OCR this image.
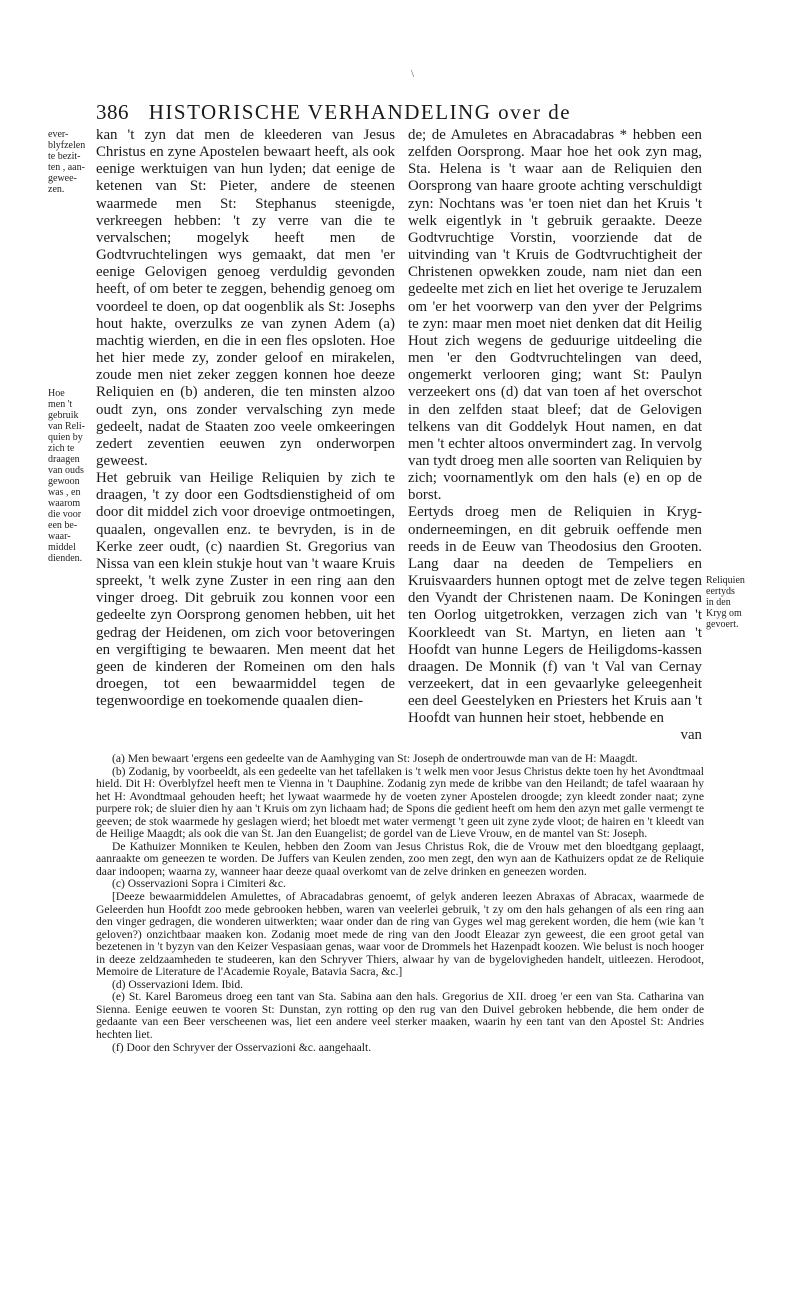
\
386 HISTORISCHE VERHANDELING over de
ever-
blyfzelen
te bezit-
ten , aan-
gewee-
zen.
Hoe
men 't
gebruik
van Reli-
quien by
zich te
draagen
van ouds
gewoon
was , en
waarom
die voor
een be-
waar-
middel
dienden.
Reliquien
eertyds
in den
Kryg om
gevoert.

kan 't zyn dat men de kleederen van Jesus Christus en zyne Apostelen bewaart heeft, als ook eenige werktuigen van hun lyden; dat eenige de ketenen van St: Pieter, andere de steenen waarmede men St: Stephanus steenigde, verkreegen hebben: 't zy verre van die te vervalschen; mogelyk heeft men de Godtvruchtelingen wys gemaakt, dat men 'er eenige Gelovigen genoeg verduldig gevonden heeft, of om beter te zeggen, behendig genoeg om voordeel te doen, op dat oogenblik als St: Josephs hout hakte, overzulks ze van zynen Adem (a) machtig wierden, en die in een fles opsloten. Hoe het hier mede zy, zonder geloof en mirakelen, zoude men niet zeker zeggen konnen hoe deeze Reliquien en (b) anderen, die ten minsten alzoo oudt zyn, ons zonder vervalsching zyn mede gedeelt, nadat de Staaten zoo veele omkeeringen zedert zeventien eeuwen zyn onderworpen geweest.

Het gebruik van Heilige Reliquien by zich te draagen, 't zy door een Godtsdienstigheid of om door dit middel zich voor droevige ontmoetingen, quaalen, ongevallen enz. te bevryden, is in de Kerke zeer oudt, (c) naardien St. Gregorius van Nissa van een klein stukje hout van 't waare Kruis spreekt, 't welk zyne Zuster in een ring aan den vinger droeg. Dit gebruik zou konnen voor een gedeelte zyn Oorsprong genomen hebben, uit het gedrag der Heidenen, om zich voor betoveringen en vergiftiging te bewaaren. Men meent dat het geen de kinderen der Romeinen om den hals droegen, tot een bewaarmiddel tegen de tegenwoordige en toekomende quaalen dien-

de; de Amuletes en Abracadabras * hebben een zelfden Oorsprong. Maar hoe het ook zyn mag, Sta. Helena is 't waar aan de Reliquien den Oorsprong van haare groote achting verschuldigt zyn: Nochtans was 'er toen niet dan het Kruis 't welk eigentlyk in 't gebruik geraakte. Deeze Godtvruchtige Vorstin, voorziende dat de uitvinding van 't Kruis de Godtvruchtigheit der Christenen opwekken zoude, nam niet dan een gedeelte met zich en liet het overige te Jeruzalem om 'er het voorwerp van den yver der Pelgrims te zyn: maar men moet niet denken dat dit Heilig Hout zich wegens de geduurige uitdeeling die men 'er den Godtvruchtelingen van deed, ongemerkt verlooren ging; want St: Paulyn verzeekert ons (d) dat van toen af het overschot in den zelfden staat bleef; dat de Gelovigen telkens van dit Goddelyk Hout namen, en dat men 't echter altoos onvermindert zag. In vervolg van tydt droeg men alle soorten van Reliquien by zich; voornamentlyk om den hals (e) en op de borst.

Eertyds droeg men de Reliquien in Kryg-onderneemingen, en dit gebruik oeffende men reeds in de Eeuw van Theodosius den Grooten. Lang daar na deeden de Tempeliers en Kruisvaarders hunnen optogt met de zelve tegen den Vyandt der Christenen naam. De Koningen ten Oorlog uitgetrokken, verzagen zich van 't Koorkleedt van St. Martyn, en lieten aan 't Hoofdt van hunne Legers de Heiligdoms-kassen draagen. De Monnik (f) van 't Val van Cernay verzeekert, dat in een gevaarlyke geleegenheit een deel Geestelyken en Priesters het Kruis aan 't Hoofdt van hunnen heir stoet, hebbende en

van

(a) Men bewaart 'ergens een gedeelte van de Aamhyging van St: Joseph de ondertrouwde man van de H: Maagdt.

(b) Zodanig, by voorbeeldt, als een gedeelte van het tafellaken is 't welk men voor Jesus Christus dekte toen hy het Avondtmaal hield. Dit H: Overblyfzel heeft men te Vienna in 't Dauphine. Zodanig zyn mede de kribbe van den Heilandt; de tafel waaraan hy het H: Avondtmaal gehouden heeft; het lywaat waarmede hy de voeten zyner Apostelen droogde; zyn kleedt zonder naat; zyne purpere rok; de sluier dien hy aan 't Kruis om zyn lichaam had; de Spons die gedient heeft om hem den azyn met galle vermengt te geeven; de stok waarmede hy geslagen wierd; het bloedt met water vermengt 't geen uit zyne zyde vloot; de hairen en 't kleedt van de Heilige Maagdt; als ook die van St. Jan den Euangelist; de gordel van de Lieve Vrouw, en de mantel van St: Joseph.

De Kathuizer Monniken te Keulen, hebben den Zoom van Jesus Christus Rok, die de Vrouw met den bloedtgang geplaagt, aanraakte om geneezen te worden. De Juffers van Keulen zenden, zoo men zegt, den wyn aan de Kathuizers opdat ze de Reliquie daar indoopen; waarna zy, wanneer haar deeze quaal overkomt van de zelve drinken en geneezen worden.

(c) Osservazioni Sopra i Cimiteri &c.

[Deeze bewaarmiddelen Amulettes, of Abracadabras genoemt, of gelyk anderen leezen Abraxas of Abracax, waarmede de Geleerden hun Hoofdt zoo mede gebrooken hebben, waren van veelerlei gebruik, 't zy om den hals gehangen of als een ring aan den vinger gedragen, die wonderen uitwerkten; waar onder dan de ring van Gyges wel mag gerekent worden, die hem (wie kan 't geloven?) onzichtbaar maaken kon. Zodanig moet mede de ring van den Joodt Eleazar zyn geweest, die een groot getal van bezetenen in 't byzyn van den Keizer Vespasiaan genas, waar voor de Drommels het Hazenpadt koozen. Wie belust is noch hooger in deeze zeldzaamheden te studeeren, kan den Schryver Thiers, alwaar hy van de bygelovigheden handelt, uitleezen. Herodoot, Memoire de Literature de l'Academie Royale, Batavia Sacra, &c.]

(d) Osservazioni Idem. Ibid.

(e) St. Karel Baromeus droeg een tant van Sta. Sabina aan den hals. Gregorius de XII. droeg 'er een van Sta. Catharina van Sienna. Eenige eeuwen te vooren St: Dunstan, zyn rotting op den rug van den Duivel gebroken hebbende, die hem onder de gedaante van een Beer verscheenen was, liet een andere veel sterker maaken, waarin hy een tant van den Apostel St: Andries hechten liet.

(f) Door den Schryver der Osservazioni &c. aangehaalt.
